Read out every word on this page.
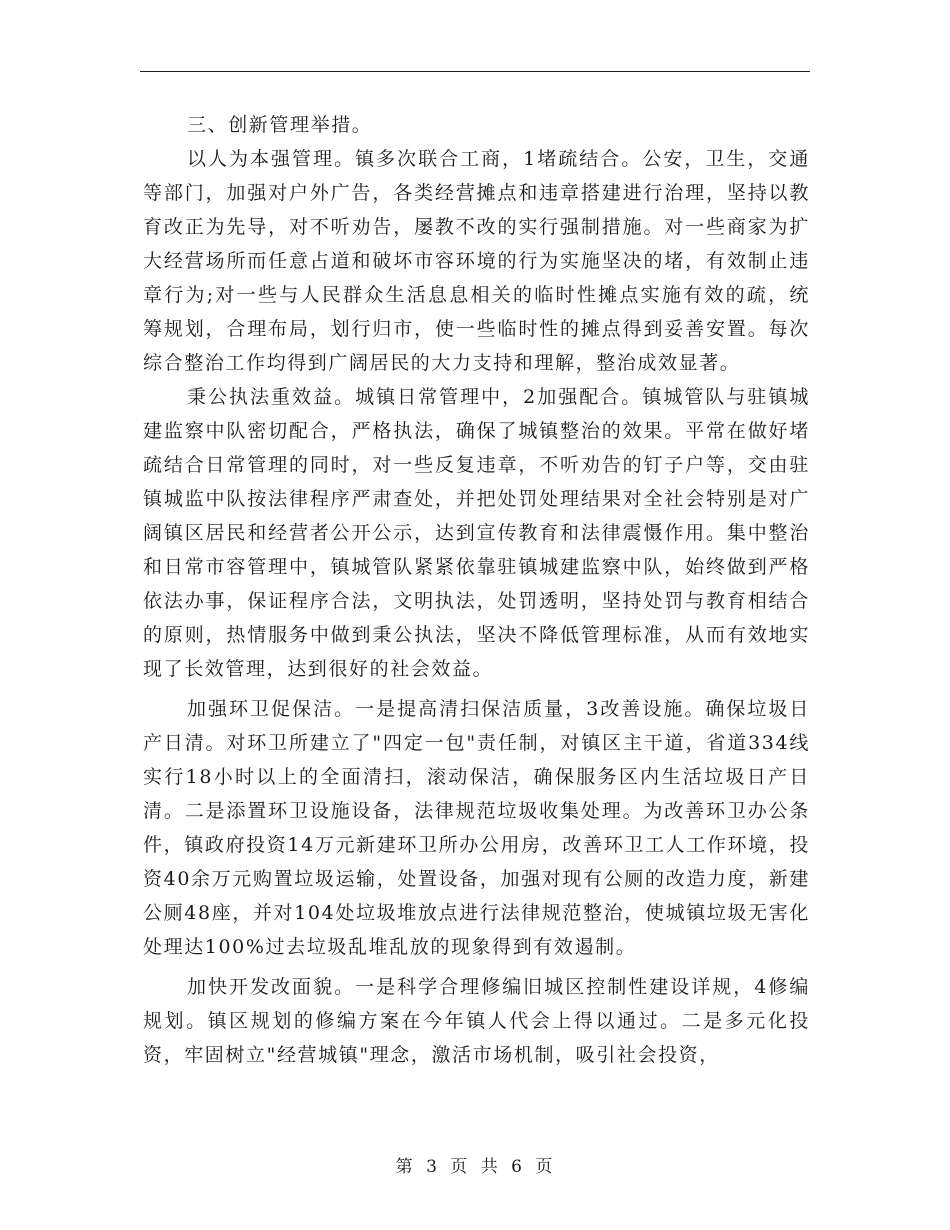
三、创新管理举措。

以人为本强管理。镇多次联合工商，1堵疏结合。公安，卫生，交通等部门，加强对户外广告，各类经营摊点和违章搭建进行治理，坚持以教育改正为先导，对不听劝告，屡教不改的实行强制措施。对一些商家为扩大经营场所而任意占道和破坏市容环境的行为实施坚决的堵，有效制止违章行为;对一些与人民群众生活息息相关的临时性摊点实施有效的疏，统筹规划，合理布局，划行归市，使一些临时性的摊点得到妥善安置。每次综合整治工作均得到广阔居民的大力支持和理解，整治成效显著。

秉公执法重效益。城镇日常管理中，2加强配合。镇城管队与驻镇城建监察中队密切配合，严格执法，确保了城镇整治的效果。平常在做好堵疏结合日常管理的同时，对一些反复违章，不听劝告的钉子户等，交由驻镇城监中队按法律程序严肃查处，并把处罚处理结果对全社会特别是对广阔镇区居民和经营者公开公示，达到宣传教育和法律震慑作用。集中整治和日常市容管理中，镇城管队紧紧依靠驻镇城建监察中队，始终做到严格依法办事，保证程序合法，文明执法，处罚透明，坚持处罚与教育相结合的原则，热情服务中做到秉公执法，坚决不降低管理标准，从而有效地实现了长效管理，达到很好的社会效益。

加强环卫促保洁。一是提高清扫保洁质量，3改善设施。确保垃圾日产日清。对环卫所建立了"四定一包"责任制，对镇区主干道，省道334线实行18小时以上的全面清扫，滚动保洁，确保服务区内生活垃圾日产日清。二是添置环卫设施设备，法律规范垃圾收集处理。为改善环卫办公条件，镇政府投资14万元新建环卫所办公用房，改善环卫工人工作环境，投资40余万元购置垃圾运输，处置设备，加强对现有公厕的改造力度，新建公厕48座，并对104处垃圾堆放点进行法律规范整治，使城镇垃圾无害化处理达100%过去垃圾乱堆乱放的现象得到有效遏制。

加快开发改面貌。一是科学合理修编旧城区控制性建设详规，4修编规划。镇区规划的修编方案在今年镇人代会上得以通过。二是多元化投资，牢固树立"经营城镇"理念，激活市场机制，吸引社会投资，

第 3 页 共 6 页
